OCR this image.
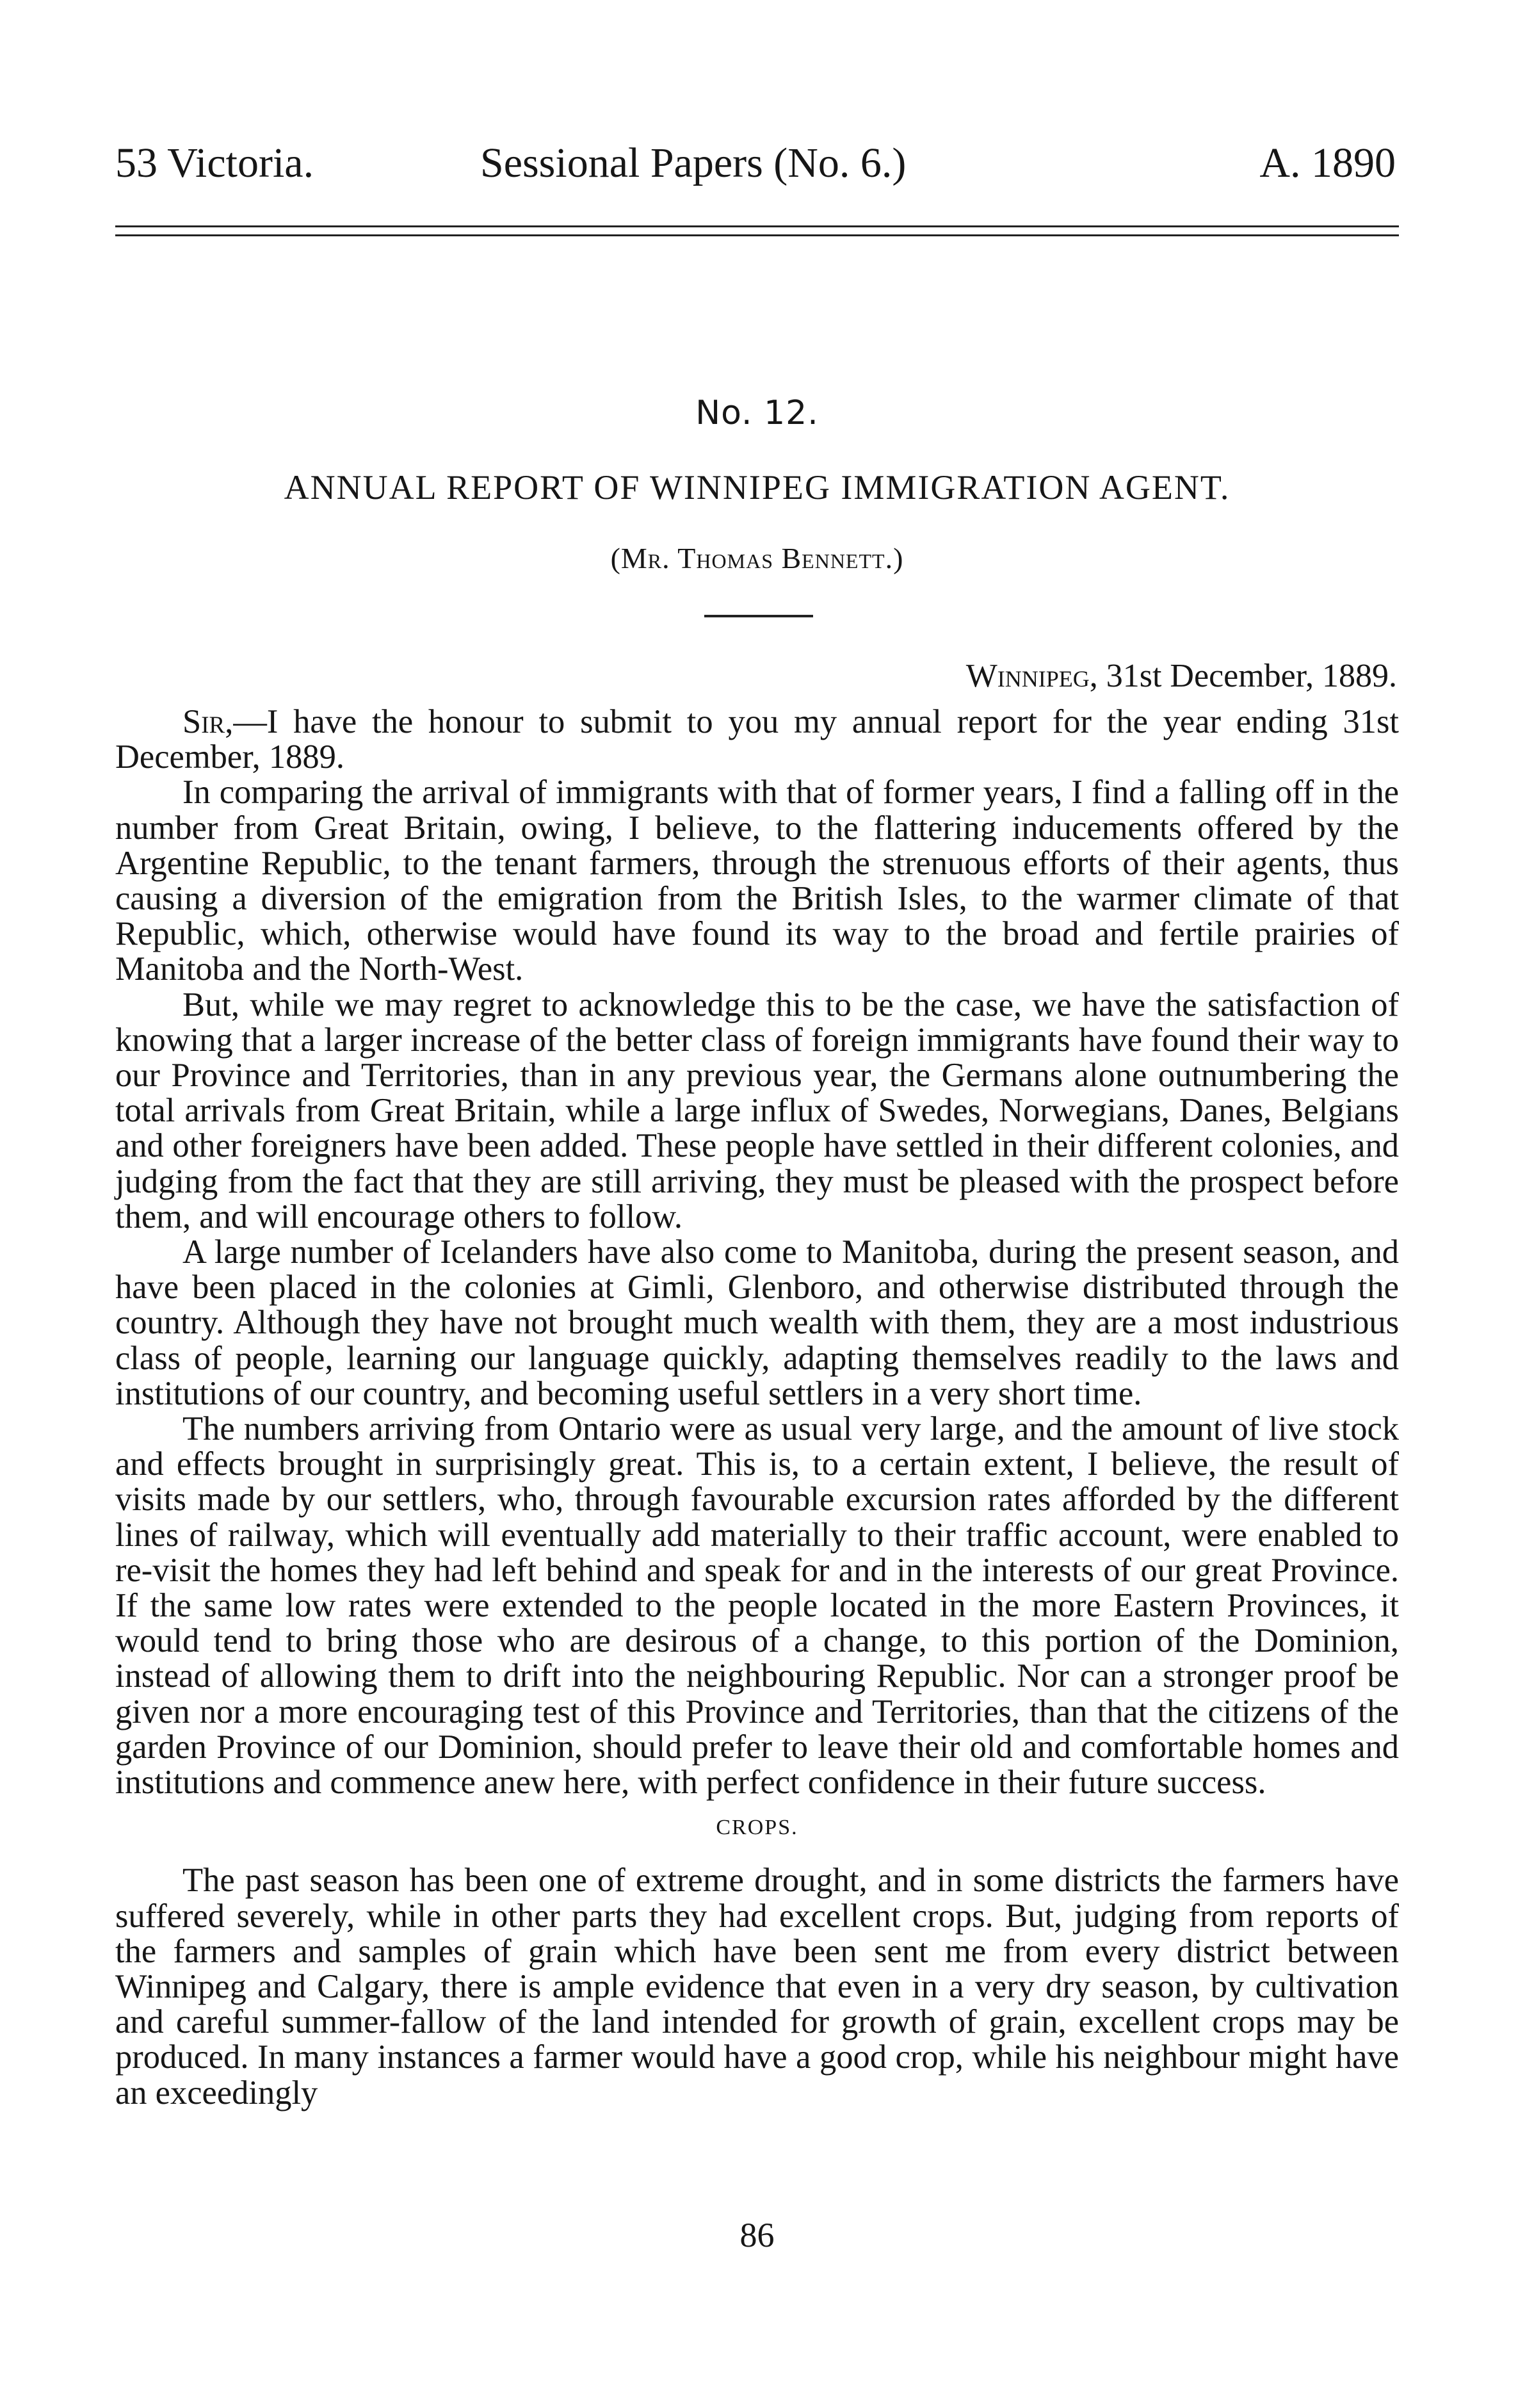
53 Victoria.	Sessional Papers (No. 6.)	A. 1890
No. 12.
ANNUAL REPORT OF WINNIPEG IMMIGRATION AGENT.
(Mr. Thomas Bennett.)
Winnipeg, 31st December, 1889.

Sir,—I have the honour to submit to you my annual report for the year ending 31st December, 1889.

In comparing the arrival of immigrants with that of former years, I find a falling off in the number from Great Britain, owing, I believe, to the flattering inducements offered by the Argentine Republic, to the tenant farmers, through the strenuous efforts of their agents, thus causing a diversion of the emigration from the British Isles, to the warmer climate of that Republic, which, otherwise would have found its way to the broad and fertile prairies of Manitoba and the North-West.

But, while we may regret to acknowledge this to be the case, we have the satisfaction of knowing that a larger increase of the better class of foreign immigrants have found their way to our Province and Territories, than in any previous year, the Germans alone outnumbering the total arrivals from Great Britain, while a large influx of Swedes, Norwegians, Danes, Belgians and other foreigners have been added. These people have settled in their different colonies, and judging from the fact that they are still arriving, they must be pleased with the prospect before them, and will encourage others to follow.

A large number of Icelanders have also come to Manitoba, during the present season, and have been placed in the colonies at Gimli, Glenboro, and otherwise distributed through the country. Although they have not brought much wealth with them, they are a most industrious class of people, learning our language quickly, adapting themselves readily to the laws and institutions of our country, and becoming useful settlers in a very short time.

The numbers arriving from Ontario were as usual very large, and the amount of live stock and effects brought in surprisingly great. This is, to a certain extent, I believe, the result of visits made by our settlers, who, through favourable excursion rates afforded by the different lines of railway, which will eventually add materially to their traffic account, were enabled to re-visit the homes they had left behind and speak for and in the interests of our great Province. If the same low rates were extended to the people located in the more Eastern Provinces, it would tend to bring those who are desirous of a change, to this portion of the Dominion, instead of allowing them to drift into the neighbouring Republic. Nor can a stronger proof be given nor a more encouraging test of this Province and Territories, than that the citizens of the garden Province of our Dominion, should prefer to leave their old and comfortable homes and institutions and commence anew here, with perfect confidence in their future success.

CROPS.

The past season has been one of extreme drought, and in some districts the farmers have suffered severely, while in other parts they had excellent crops. But, judging from reports of the farmers and samples of grain which have been sent me from every district between Winnipeg and Calgary, there is ample evidence that even in a very dry season, by cultivation and careful summer-fallow of the land intended for growth of grain, excellent crops may be produced. In many instances a farmer would have a good crop, while his neighbour might have an exceedingly

86
